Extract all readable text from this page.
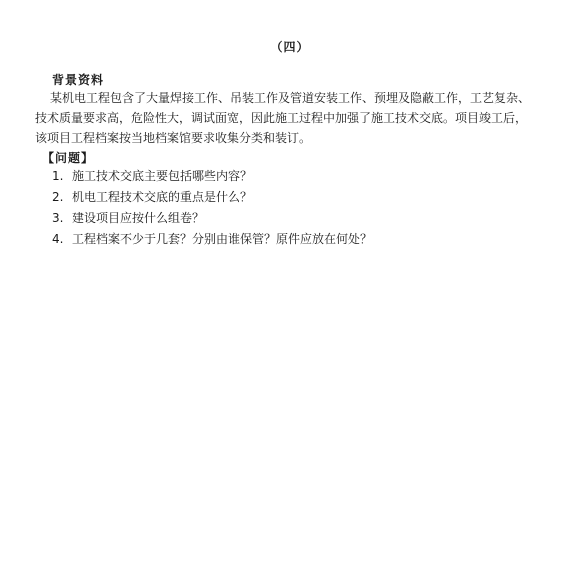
（四）
背景资料

某机电工程包含了大量焊接工作、吊装工作及管道安装工作、预埋及隐蔽工作，工艺复杂、
技术质量要求高，危险性大，调试面宽，因此施工过程中加强了施工技术交底。项目竣工后，
该项目工程档案按当地档案馆要求收集分类和装订。

【问题】
1. 施工技术交底主要包括哪些内容？
2. 机电工程技术交底的重点是什么？
3. 建设项目应按什么组卷？
4. 工程档案不少于几套？分别由谁保管？原件应放在何处？
